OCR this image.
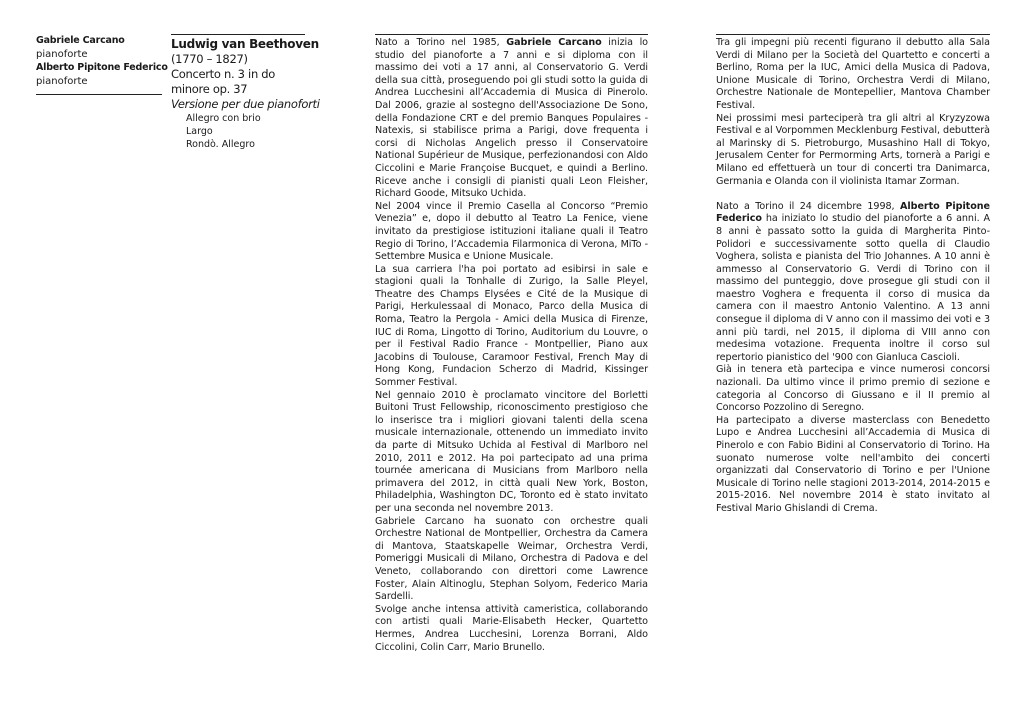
Gabriele Carcano
pianoforte
Alberto Pipitone Federico
pianoforte
Ludwig van Beethoven
(1770 – 1827)
Concerto n. 3 in do
minore op. 37
Versione per due pianoforti
Allegro con brio
Largo
Rondò. Allegro

Nato a Torino nel 1985, Gabriele Carcano inizia lo studio del pianoforte a 7 anni e si diploma con il massimo dei voti a 17 anni, al Conservatorio G. Verdi della sua città, proseguendo poi gli studi sotto la guida di Andrea Lucchesini all’Accademia di Musica di Pinerolo. Dal 2006, grazie al sostegno dell'Associazione De Sono, della Fondazione CRT e del premio Banques Populaires - Natexis, si stabilisce prima a Parigi, dove frequenta i corsi di Nicholas Angelich presso il Conservatoire National Supérieur de Musique, perfezionandosi con Aldo Ciccolini e Marie Françoise Bucquet, e quindi a Berlino. Riceve anche i consigli di pianisti quali Leon Fleisher, Richard Goode, Mitsuko Uchida.

Nel 2004 vince il Premio Casella al Concorso “Premio Venezia” e, dopo il debutto al Teatro La Fenice, viene invitato da prestigiose istituzioni italiane quali il Teatro Regio di Torino, l’Accademia Filarmonica di Verona, MiTo - Settembre Musica e Unione Musicale.

La sua carriera l'ha poi portato ad esibirsi in sale e stagioni quali la Tonhalle di Zurigo, la Salle Pleyel, Theatre des Champs Elysées e Cité de la Musique di Parigi, Herkulessaal di Monaco, Parco della Musica di Roma, Teatro la Pergola - Amici della Musica di Firenze, IUC di Roma, Lingotto di Torino, Auditorium du Louvre, o per il Festival Radio France - Montpellier, Piano aux Jacobins di Toulouse, Caramoor Festival, French May di Hong Kong, Fundacion Scherzo di Madrid, Kissinger Sommer Festival.

Nel gennaio 2010 è proclamato vincitore del Borletti Buitoni Trust Fellowship, riconoscimento prestigioso che lo inserisce tra i migliori giovani talenti della scena musicale internazionale, ottenendo un immediato invito da parte di Mitsuko Uchida al Festival di Marlboro nel 2010, 2011 e 2012. Ha poi partecipato ad una prima tournée americana di Musicians from Marlboro nella primavera del 2012, in città quali New York, Boston, Philadelphia, Washington DC, Toronto ed è stato invitato per una seconda nel novembre 2013.

Gabriele Carcano ha suonato con orchestre quali Orchestre National de Montpellier, Orchestra da Camera di Mantova, Staatskapelle Weimar, Orchestra Verdi, Pomeriggi Musicali di Milano, Orchestra di Padova e del Veneto, collaborando con direttori come Lawrence Foster, Alain Altinoglu, Stephan Solyom, Federico Maria Sardelli.

Svolge anche intensa attività cameristica, collaborando con artisti quali Marie-Elisabeth Hecker, Quartetto Hermes, Andrea Lucchesini, Lorenza Borrani, Aldo Ciccolini, Colin Carr, Mario Brunello.

Tra gli impegni più recenti figurano il debutto alla Sala Verdi di Milano per la Società del Quartetto e concerti a Berlino, Roma per la IUC, Amici della Musica di Padova, Unione Musicale di Torino, Orchestra Verdi di Milano, Orchestre Nationale de Montepellier, Mantova Chamber Festival.

Nei prossimi mesi parteciperà tra gli altri al Kryzyzowa Festival e al Vorpommen Mecklenburg Festival, debutterà al Marinsky di S. Pietroburgo, Musashino Hall di Tokyo, Jerusalem Center for Permorming Arts, tornerà a Parigi e Milano ed effettuerà un tour di concerti tra Danimarca, Germania e Olanda con il violinista Itamar Zorman.

Nato a Torino il 24 dicembre 1998, Alberto Pipitone Federico ha iniziato lo studio del pianoforte a 6 anni. A 8 anni è passato sotto la guida di Margherita Pinto-Polidori e successivamente sotto quella di Claudio Voghera, solista e pianista del Trio Johannes. A 10 anni è ammesso al Conservatorio G. Verdi di Torino con il massimo del punteggio, dove prosegue gli studi con il maestro Voghera e frequenta il corso di musica da camera con il maestro Antonio Valentino. A 13 anni consegue il diploma di V anno con il massimo dei voti e 3 anni più tardi, nel 2015, il diploma di VIII anno con medesima votazione. Frequenta inoltre il corso sul repertorio pianistico del '900 con Gianluca Cascioli.

Già in tenera età partecipa e vince numerosi concorsi nazionali. Da ultimo vince il primo premio di sezione e categoria al Concorso di Giussano e il II premio al Concorso Pozzolino di Seregno.

Ha partecipato a diverse masterclass con Benedetto Lupo e Andrea Lucchesini all’Accademia di Musica di Pinerolo e con Fabio Bidini al Conservatorio di Torino. Ha suonato numerose volte nell'ambito dei concerti organizzati dal Conservatorio di Torino e per l'Unione Musicale di Torino nelle stagioni 2013-2014, 2014-2015 e 2015-2016. Nel novembre 2014 è stato invitato al Festival Mario Ghislandi di Crema.
